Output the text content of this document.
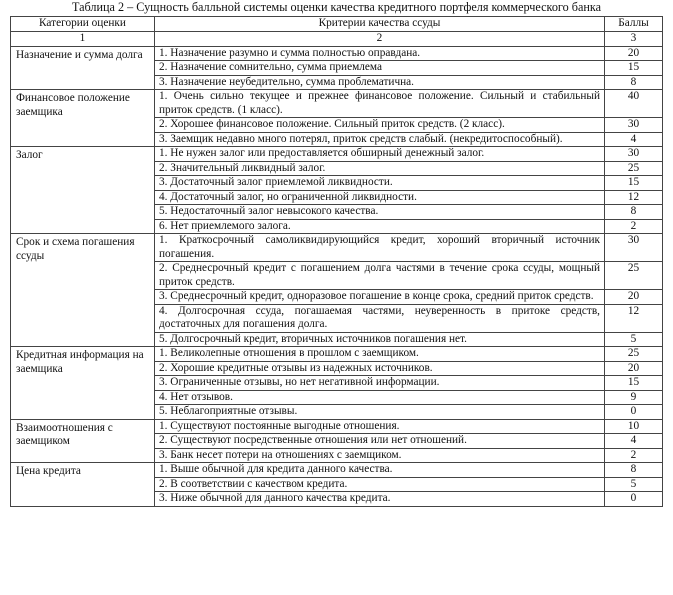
Таблица 2 – Сущность балльной системы оценки качества кредитного портфеля коммерческого банка
Категории оценки	Критерии качества ссуды	Баллы
1	2	3
Назначение и сумма долга	1. Назначение разумно и сумма полностью оправдана.	20
	2. Назначение сомнительно, сумма приемлема	15
	3. Назначение неубедительно, сумма проблематична.	8
Финансовое положение заемщика	1. Очень сильно текущее и прежнее финансовое положение. Сильный и стабильный приток средств. (1 класс).	40
	2. Хорошее финансовое положение. Сильный приток средств. (2 класс).	30
	3. Заемщик недавно много потерял, приток средств слабый. (некредитоспособный).	4
Залог	1. Не нужен залог или предоставляется обширный денежный залог.	30
	2. Значительный ликвидный залог.	25
	3. Достаточный залог приемлемой ликвидности.	15
	4. Достаточный залог, но ограниченной ликвидности.	12
	5. Недостаточный залог невысокого качества.	8
	6. Нет приемлемого залога.	2
Срок и схема погашения ссуды	1. Краткосрочный самоликвидирующийся кредит, хороший вторичный источник погашения.	30
	2. Среднесрочный кредит с погашением долга частями в течение срока ссуды, мощный приток средств.	25
	3. Среднесрочный кредит, одноразовое погашение в конце срока, средний приток средств.	20
	4. Долгосрочная ссуда, погашаемая частями, неуверенность в притоке средств, достаточных для погашения долга.	12
	5. Долгосрочный кредит, вторичных источников погашения нет.	5
Кредитная информация на заемщика	1. Великолепные отношения в прошлом с заемщиком.	25
	2. Хорошие кредитные отзывы из надежных источников.	20
	3. Ограниченные отзывы, но нет негативной информации.	15
	4. Нет отзывов.	9
	5. Неблагоприятные отзывы.	0
Взаимоотношения с заемщиком	1. Существуют постоянные выгодные отношения.	10
	2. Существуют посредственные отношения или нет отношений.	4
	3. Банк несет потери на отношениях с заемщиком.	2
Цена кредита	1. Выше обычной для кредита данного качества.	8
	2. В соответствии с качеством кредита.	5
	3. Ниже обычной для данного качества кредита.	0
